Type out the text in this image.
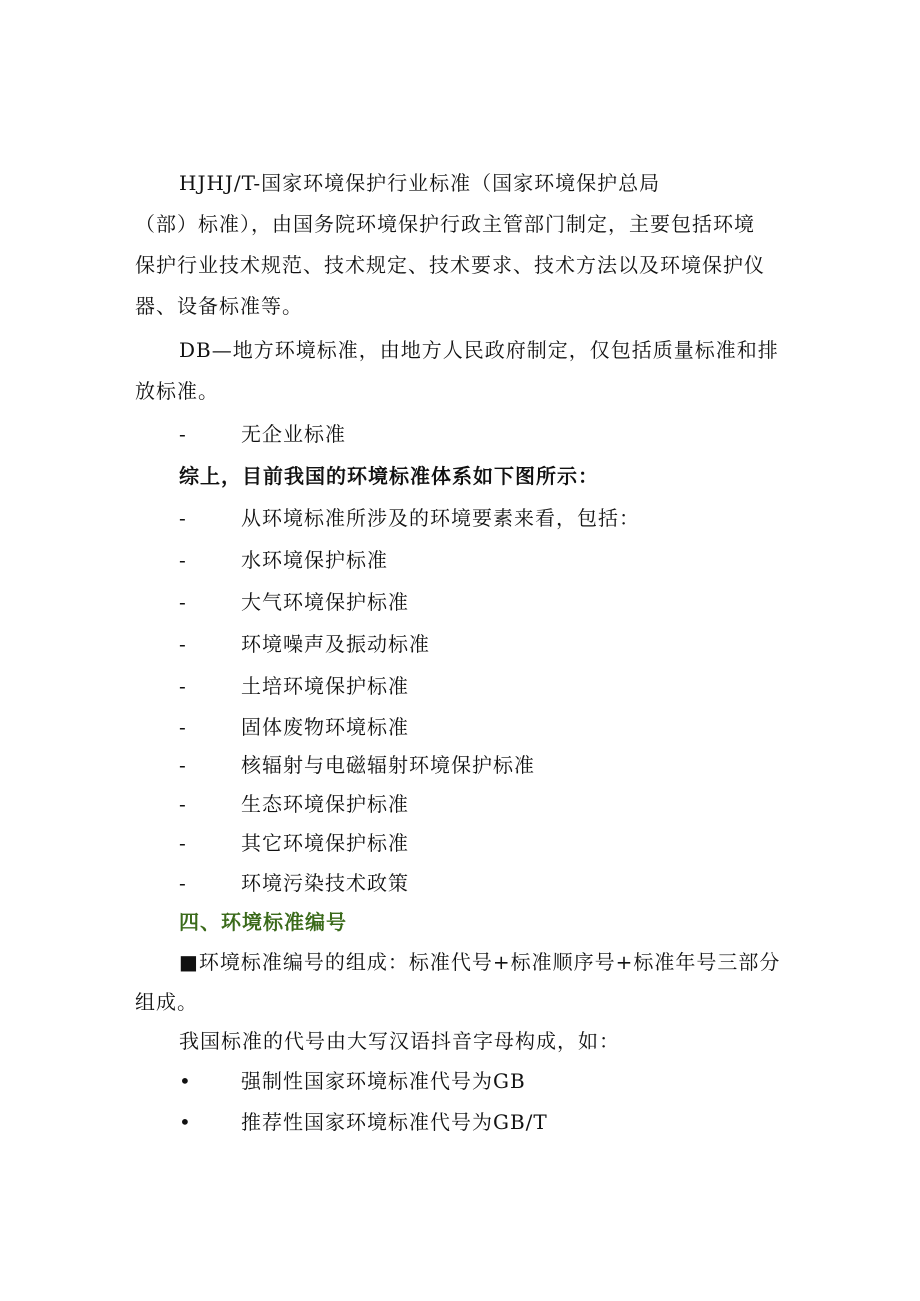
HJHJ/T-国家环境保护行业标准（国家环境保护总局

（部）标准），由国务院环境保护行政主管部门制定，主要包括环境

保护行业技术规范、技术规定、技术要求、技术方法以及环境保护仪

器、设备标准等。

DB—地方环境标准，由地方人民政府制定，仅包括质量标准和排

放标准。

-	无企业标准

综上，目前我国的环境标准体系如下图所示：

-	从环境标准所涉及的环境要素来看，包括：
-	水环境保护标准
-	大气环境保护标准
-	环境噪声及振动标准
-	土培环境保护标准
-	固体废物环境标准
-	核辐射与电磁辐射环境保护标准
-	生态环境保护标准
-	其它环境保护标准
-	环境污染技术政策

四、环境标准编号

■环境标准编号的组成：标准代号+标准顺序号+标准年号三部分

组成。

我国标准的代号由大写汉语抖音字母构成，如：

• 强制性国家环境标准代号为GB
• 推荐性国家环境标准代号为GB/T
